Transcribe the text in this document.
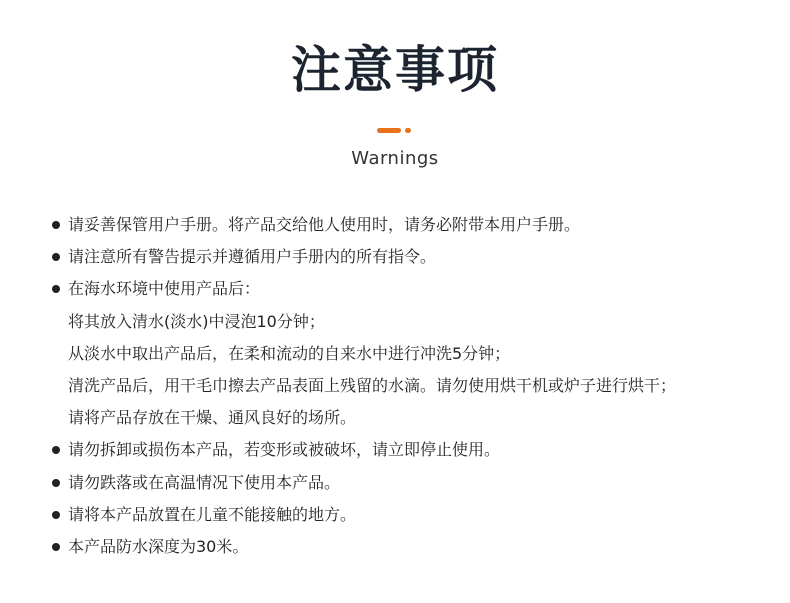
注意事项
Warnings
请妥善保管用户手册。将产品交给他人使用时，请务必附带本用户手册。
请注意所有警告提示并遵循用户手册内的所有指令。
在海水环境中使用产品后：
将其放入清水(淡水)中浸泡10分钟；
从淡水中取出产品后，在柔和流动的自来水中进行冲洗5分钟；
清洗产品后，用干毛巾擦去产品表面上残留的水滴。请勿使用烘干机或炉子进行烘干；
请将产品存放在干燥、通风良好的场所。
请勿拆卸或损伤本产品，若变形或被破坏，请立即停止使用。
请勿跌落或在高温情况下使用本产品。
请将本产品放置在儿童不能接触的地方。
本产品防水深度为30米。
